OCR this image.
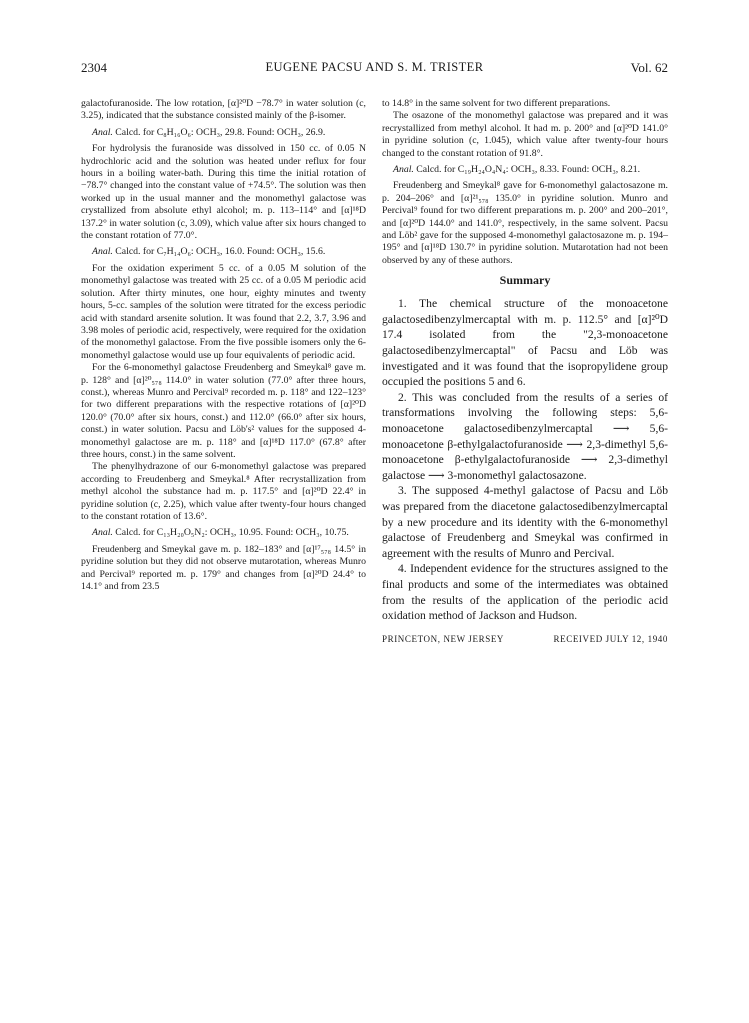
2304	EUGENE PACSU AND S. M. TRISTER	Vol. 62

galactofuranoside. The low rotation, [α]²⁰D −78.7° in water solution (c, 3.25), indicated that the substance consisted mainly of the β-isomer.

Anal. Calcd. for C₈H₁₆O₆: OCH₃, 29.8. Found: OCH₃, 26.9.

For hydrolysis the furanoside was dissolved in 150 cc. of 0.05 N hydrochloric acid and the solution was heated under reflux for four hours in a boiling water-bath. During this time the initial rotation of −78.7° changed into the constant value of +74.5°. The solution was then worked up in the usual manner and the monomethyl galactose was crystallized from absolute ethyl alcohol; m. p. 113–114° and [α]¹⁸D 137.2° in water solution (c, 3.09), which value after six hours changed to the constant rotation of 77.0°.

Anal. Calcd. for C₇H₁₄O₆: OCH₃, 16.0. Found: OCH₃, 15.6.

For the oxidation experiment 5 cc. of a 0.05 M solution of the monomethyl galactose was treated with 25 cc. of a 0.05 M periodic acid solution. After thirty minutes, one hour, eighty minutes and twenty hours, 5-cc. samples of the solution were titrated for the excess periodic acid with standard arsenite solution. It was found that 2.2, 3.7, 3.96 and 3.98 moles of periodic acid, respectively, were required for the oxidation of the monomethyl galactose. From the five possible isomers only the 6-monomethyl galactose would use up four equivalents of periodic acid.

For the 6-monomethyl galactose Freudenberg and Smeykal⁸ gave m. p. 128° and [α]²⁰₅₇₈ 114.0° in water solution (77.0° after three hours, const.), whereas Munro and Percival⁹ recorded m. p. 118° and 122–123° for two different preparations with the respective rotations of [α]²⁰D 120.0° (70.0° after six hours, const.) and 112.0° (66.0° after six hours, const.) in water solution. Pacsu and Löb's² values for the supposed 4-monomethyl galactose are m. p. 118° and [α]¹⁸D 117.0° (67.8° after three hours, const.) in the same solvent.

The phenylhydrazone of our 6-monomethyl galactose was prepared according to Freudenberg and Smeykal.⁸ After recrystallization from methyl alcohol the substance had m. p. 117.5° and [α]²⁰D 22.4° in pyridine solution (c, 2.25), which value after twenty-four hours changed to the constant rotation of 13.6°.

Anal. Calcd. for C₁₃H₂₀O₅N₂: OCH₃, 10.95. Found: OCH₃, 10.75.

Freudenberg and Smeykal gave m. p. 182–183° and [α]¹⁷₅₇₈ 14.5° in pyridine solution but they did not observe mutarotation, whereas Munro and Percival⁹ reported m. p. 179° and changes from [α]²⁰D 24.4° to 14.1° and from 23.5

to 14.8° in the same solvent for two different preparations.

The osazone of the monomethyl galactose was prepared and it was recrystallized from methyl alcohol. It had m. p. 200° and [α]²⁰D 141.0° in pyridine solution (c, 1.045), which value after twenty-four hours changed to the constant rotation of 91.8°.

Anal. Calcd. for C₁₉H₂₄O₄N₄: OCH₃, 8.33. Found: OCH₃, 8.21.

Freudenberg and Smeykal⁸ gave for 6-monomethyl galactosazone m. p. 204–206° and [α]²¹₅₇₈ 135.0° in pyridine solution. Munro and Percival⁹ found for two different preparations m. p. 200° and 200–201°, and [α]²⁰D 144.0° and 141.0°, respectively, in the same solvent. Pacsu and Löb² gave for the supposed 4-monomethyl galactosazone m. p. 194–195° and [α]¹⁸D 130.7° in pyridine solution. Mutarotation had not been observed by any of these authors.

Summary

1. The chemical structure of the monoacetone galactosedibenzylmercaptal with m. p. 112.5° and [α]²⁰D 17.4 isolated from the "2,3-monoacetone galactosedibenzylmercaptal" of Pacsu and Löb was investigated and it was found that the isopropylidene group occupied the positions 5 and 6.

2. This was concluded from the results of a series of transformations involving the following steps: 5,6-monoacetone galactosedibenzylmercaptal ⟶ 5,6-monoacetone β-ethylgalactofuranoside ⟶ 2,3-dimethyl 5,6-monoacetone β-ethylgalactofuranoside ⟶ 2,3-dimethyl galactose ⟶ 3-monomethyl galactosazone.

3. The supposed 4-methyl galactose of Pacsu and Löb was prepared from the diacetone galactosedibenzylmercaptal by a new procedure and its identity with the 6-monomethyl galactose of Freudenberg and Smeykal was confirmed in agreement with the results of Munro and Percival.

4. Independent evidence for the structures assigned to the final products and some of the intermediates was obtained from the results of the application of the periodic acid oxidation method of Jackson and Hudson.

PRINCETON, NEW JERSEY	RECEIVED JULY 12, 1940
